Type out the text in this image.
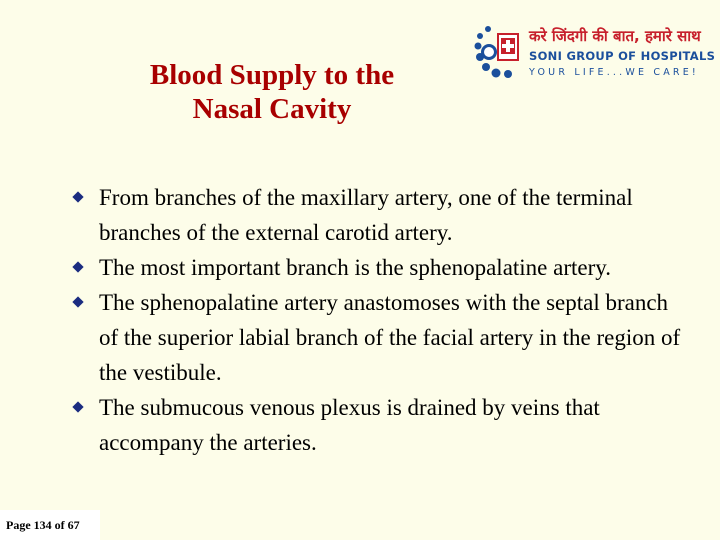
Blood Supply to the
Nasal Cavity
करे जिंदगी की बात, हमारे साथ
SONI GROUP OF HOSPITALS
YOUR LIFE...WE CARE!
From branches of the maxillary artery, one of the terminal branches of the external carotid artery.
The most important branch is the sphenopalatine artery.
The sphenopalatine artery anastomoses with the septal branch of the superior labial branch of the facial artery in the region of the vestibule.
The submucous venous plexus is drained by veins that accompany the arteries.
Page 134 of 67
